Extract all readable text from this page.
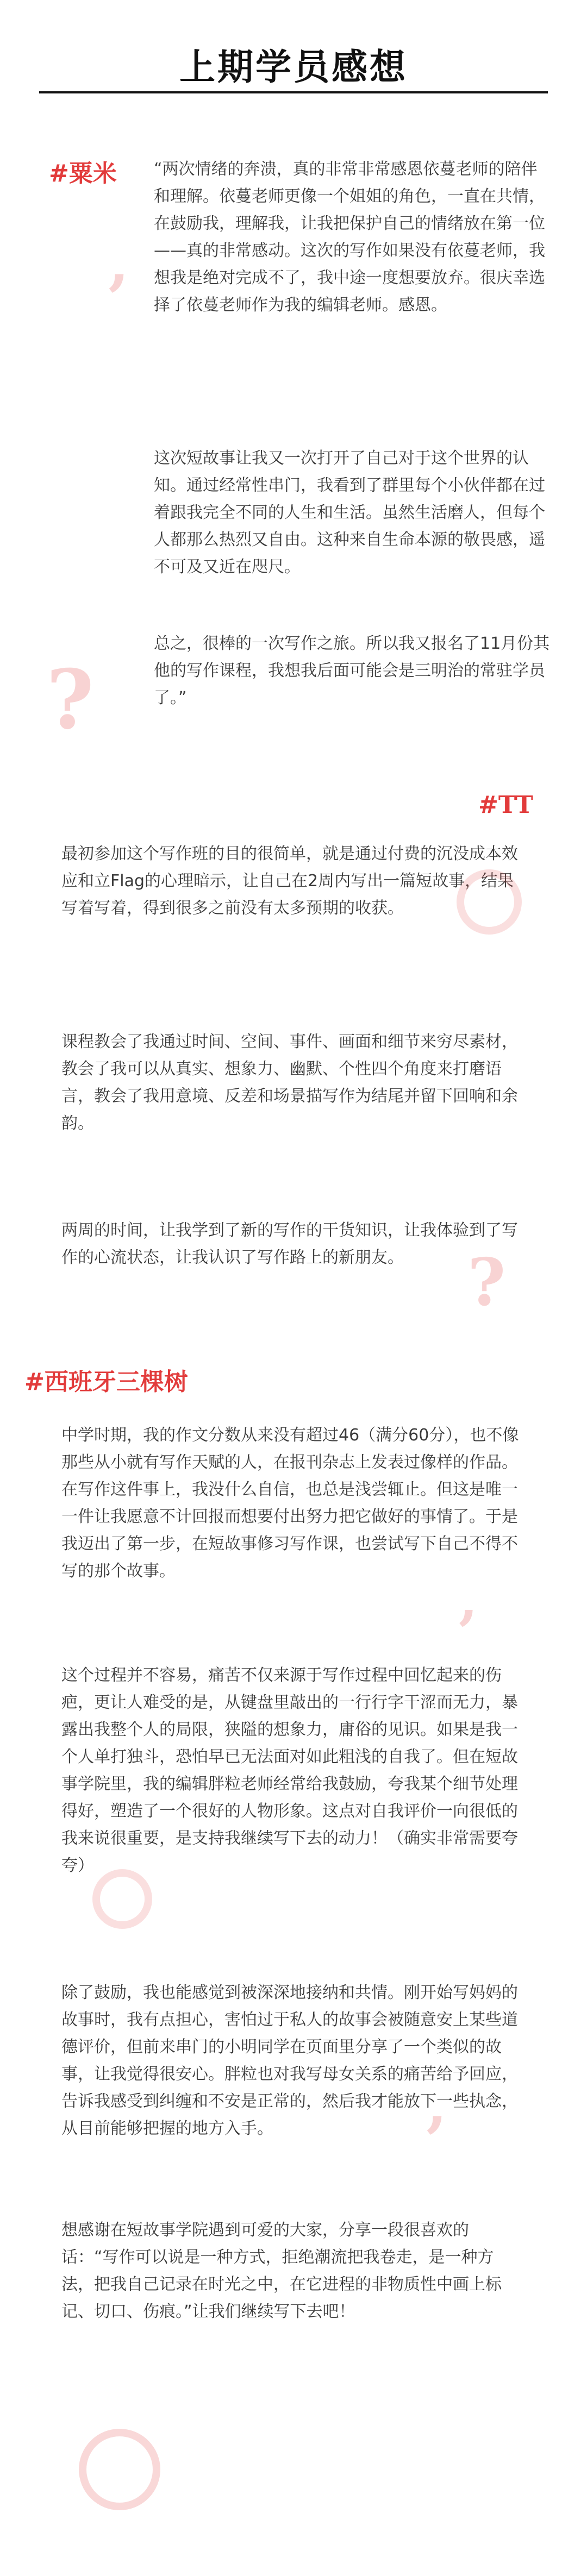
上期学员感想
#粟米 “两次情绪的奔溃，真的非常非常感恩依蔓老师的陪伴和理解。依蔓老师更像一个姐姐的角色，一直在共情，在鼓励我，理解我，让我把保护自己的情绪放在第一位——真的非常感动。这次的写作如果没有依蔓老师，我想我是绝对完成不了，我中途一度想要放弃。很庆幸选择了依蔓老师作为我的编辑老师。感恩。

这次短故事让我又一次打开了自己对于这个世界的认知。通过经常性串门，我看到了群里每个小伙伴都在过着跟我完全不同的人生和生活。虽然生活磨人，但每个人都那么热烈又自由。这种来自生命本源的敬畏感，遥不可及又近在咫尺。

总之，很棒的一次写作之旅。所以我又报名了11月份其他的写作课程，我想我后面可能会是三明治的常驻学员了。”

#TT

最初参加这个写作班的目的很简单，就是通过付费的沉没成本效应和立Flag的心理暗示，让自己在2周内写出一篇短故事，结果写着写着，得到很多之前没有太多预期的收获。

课程教会了我通过时间、空间、事件、画面和细节来穷尽素材，教会了我可以从真实、想象力、幽默、个性四个角度来打磨语言，教会了我用意境、反差和场景描写作为结尾并留下回响和余韵。

两周的时间，让我学到了新的写作的干货知识，让我体验到了写作的心流状态，让我认识了写作路上的新朋友。

#西班牙三棵树

中学时期，我的作文分数从来没有超过46（满分60分），也不像那些从小就有写作天赋的人，在报刊杂志上发表过像样的作品。在写作这件事上，我没什么自信，也总是浅尝辄止。但这是唯一一件让我愿意不计回报而想要付出努力把它做好的事情了。于是我迈出了第一步，在短故事修习写作课，也尝试写下自己不得不写的那个故事。

这个过程并不容易，痛苦不仅来源于写作过程中回忆起来的伤疤，更让人难受的是，从键盘里敲出的一行行字干涩而无力，暴露出我整个人的局限，狭隘的想象力，庸俗的见识。如果是我一个人单打独斗，恐怕早已无法面对如此粗浅的自我了。但在短故事学院里，我的编辑胖粒老师经常给我鼓励，夸我某个细节处理得好，塑造了一个很好的人物形象。这点对自我评价一向很低的我来说很重要，是支持我继续写下去的动力！（确实非常需要夸夸）

除了鼓励，我也能感觉到被深深地接纳和共情。刚开始写妈妈的故事时，我有点担心，害怕过于私人的故事会被随意安上某些道德评价，但前来串门的小明同学在页面里分享了一个类似的故事，让我觉得很安心。胖粒也对我写母女关系的痛苦给予回应，告诉我感受到纠缠和不安是正常的，然后我才能放下一些执念，从目前能够把握的地方入手。

想感谢在短故事学院遇到可爱的大家，分享一段很喜欢的话：“写作可以说是一种方式，拒绝潮流把我卷走，是一种方法，把我自己记录在时光之中，在它进程的非物质性中画上标记、切口、伤痕。”让我们继续写下去吧！

’
?
?
’
’
